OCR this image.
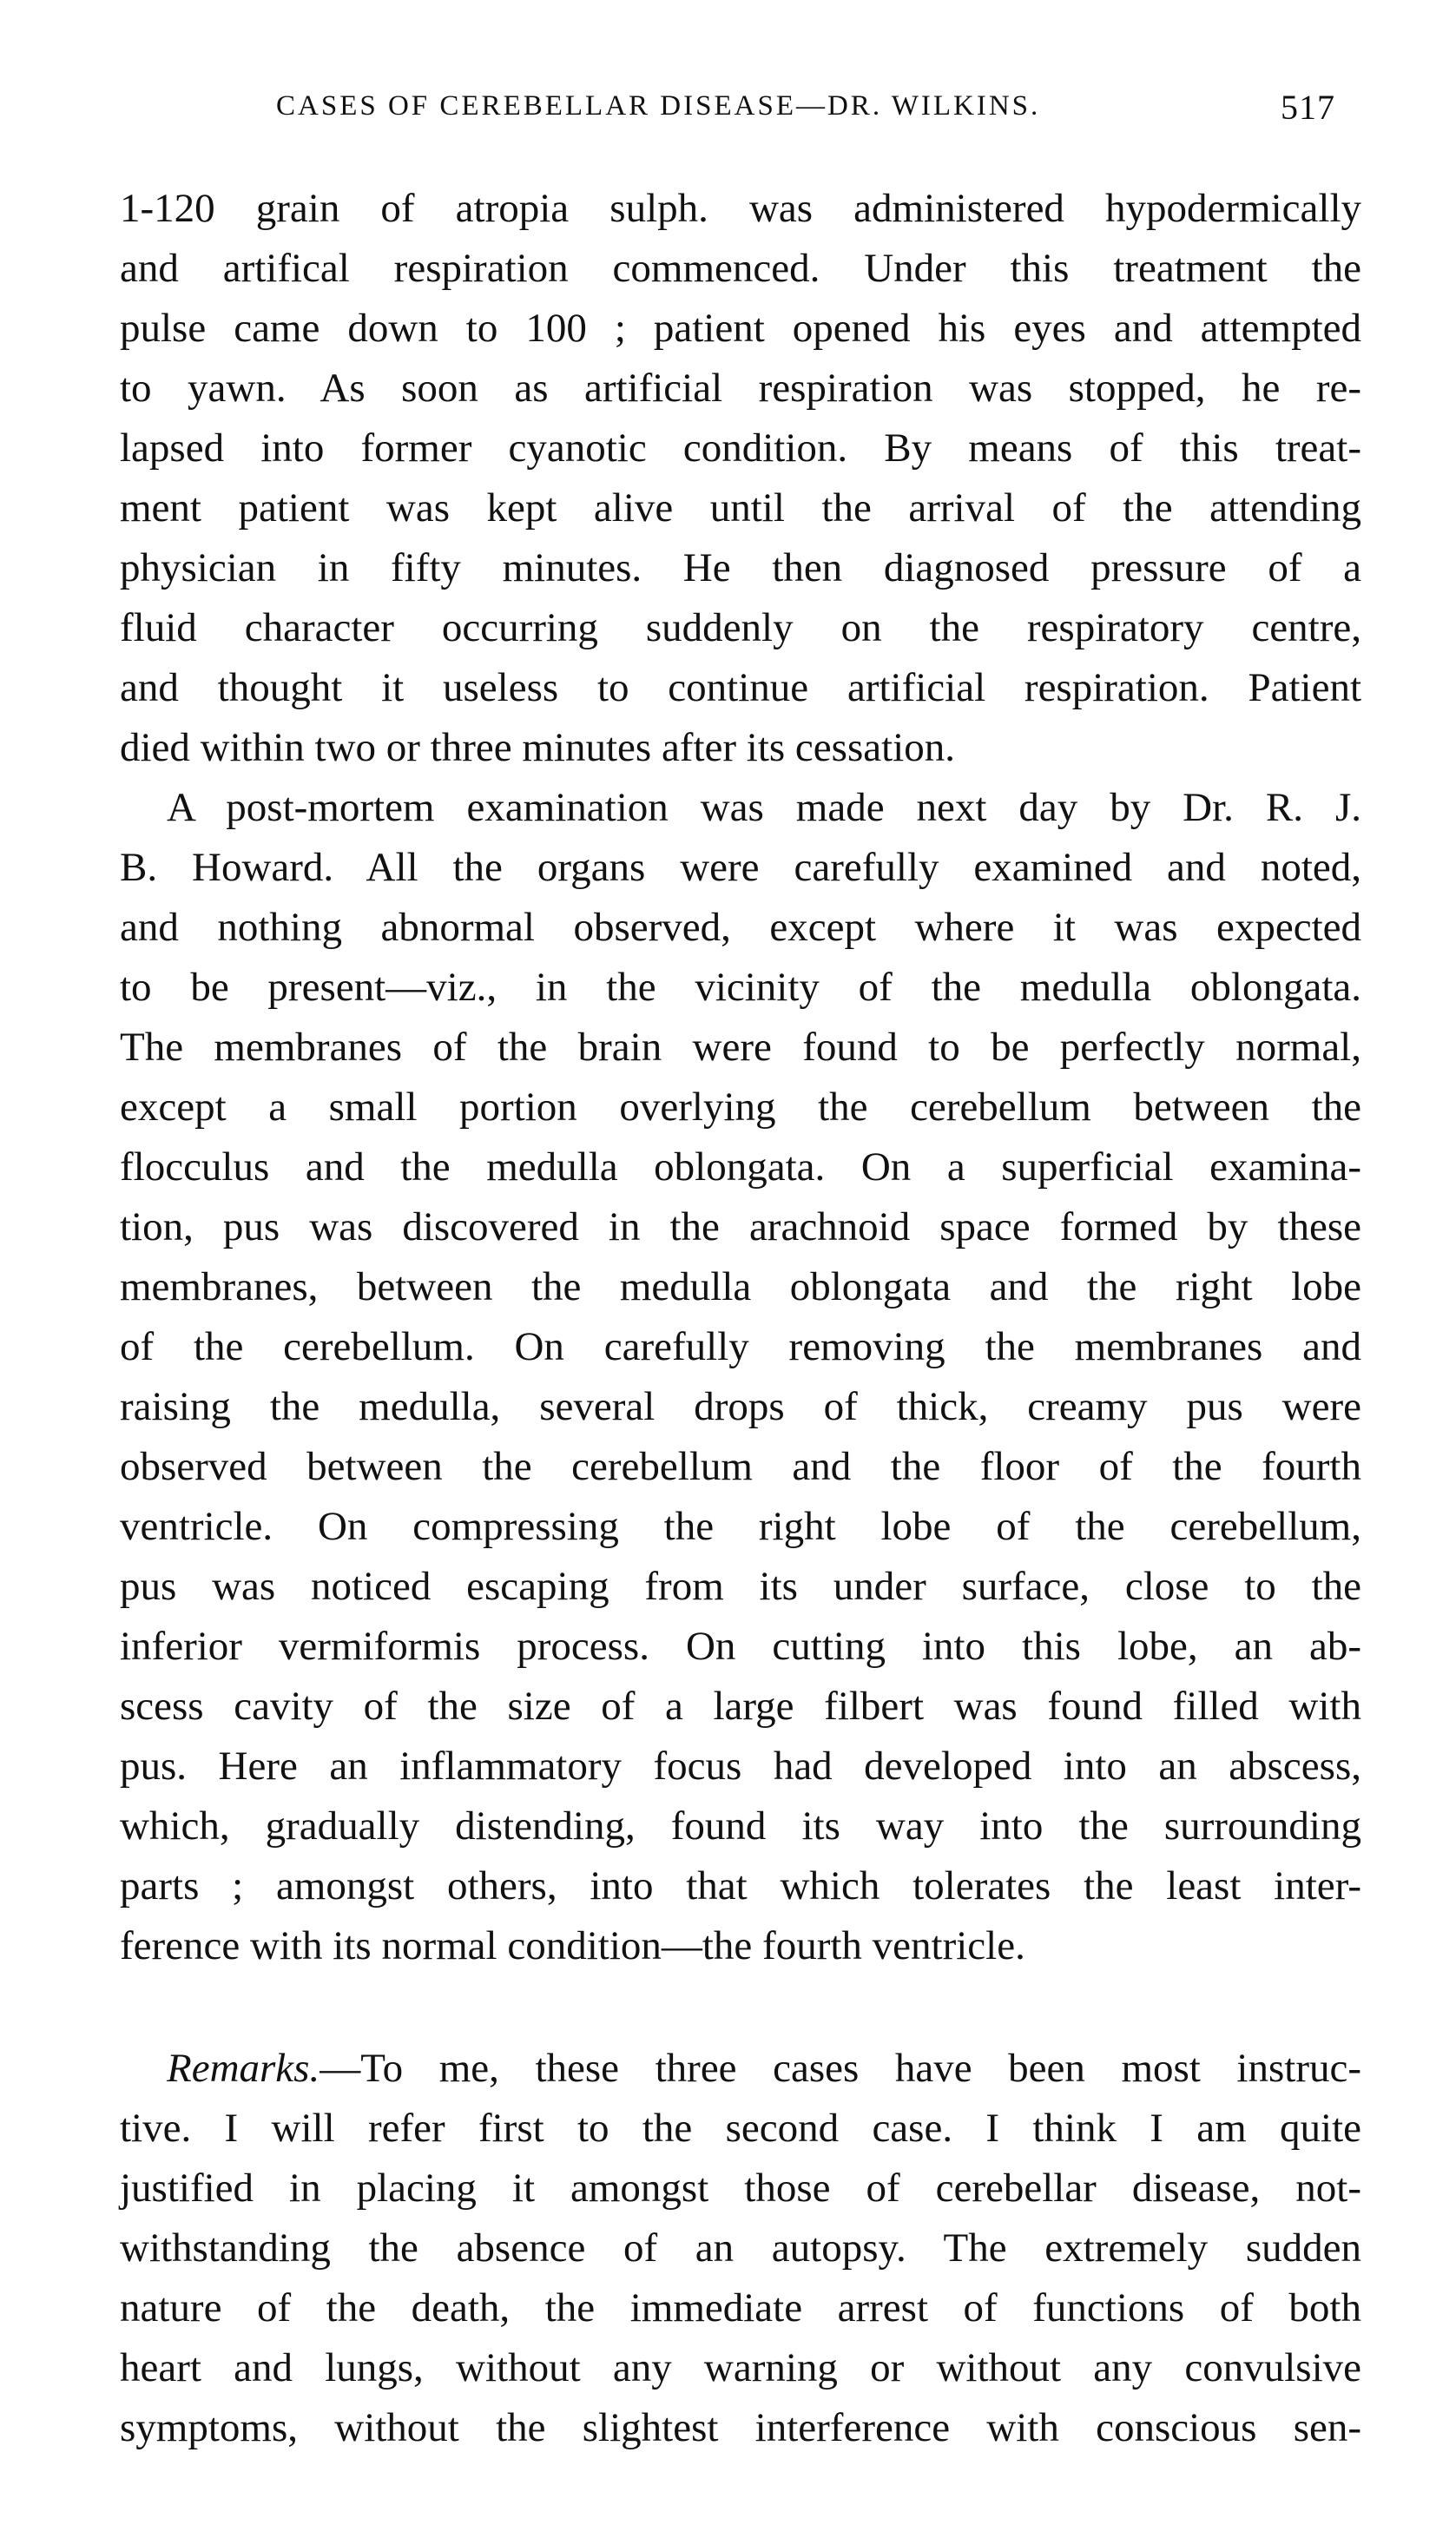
CASES OF CEREBELLAR DISEASE—DR. WILKINS.	517
1-120 grain of atropia sulph. was administered hypodermically
and artifical respiration commenced. Under this treatment the
pulse came down to 100 ; patient opened his eyes and attempted
to yawn. As soon as artificial respiration was stopped, he re-
lapsed into former cyanotic condition. By means of this treat-
ment patient was kept alive until the arrival of the attending
physician in fifty minutes. He then diagnosed pressure of a
fluid character occurring suddenly on the respiratory centre,
and thought it useless to continue artificial respiration. Patient
died within two or three minutes after its cessation.
A post-mortem examination was made next day by Dr. R. J.
B. Howard. All the organs were carefully examined and noted,
and nothing abnormal observed, except where it was expected
to be present—viz., in the vicinity of the medulla oblongata.
The membranes of the brain were found to be perfectly normal,
except a small portion overlying the cerebellum between the
flocculus and the medulla oblongata. On a superficial examina-
tion, pus was discovered in the arachnoid space formed by these
membranes, between the medulla oblongata and the right lobe
of the cerebellum. On carefully removing the membranes and
raising the medulla, several drops of thick, creamy pus were
observed between the cerebellum and the floor of the fourth
ventricle. On compressing the right lobe of the cerebellum,
pus was noticed escaping from its under surface, close to the
inferior vermiformis process. On cutting into this lobe, an ab-
scess cavity of the size of a large filbert was found filled with
pus. Here an inflammatory focus had developed into an abscess,
which, gradually distending, found its way into the surrounding
parts ; amongst others, into that which tolerates the least inter-
ference with its normal condition—the fourth ventricle.
Remarks.—To me, these three cases have been most instruc-
tive. I will refer first to the second case. I think I am quite
justified in placing it amongst those of cerebellar disease, not-
withstanding the absence of an autopsy. The extremely sudden
nature of the death, the immediate arrest of functions of both
heart and lungs, without any warning or without any convulsive
symptoms, without the slightest interference with conscious sen-
